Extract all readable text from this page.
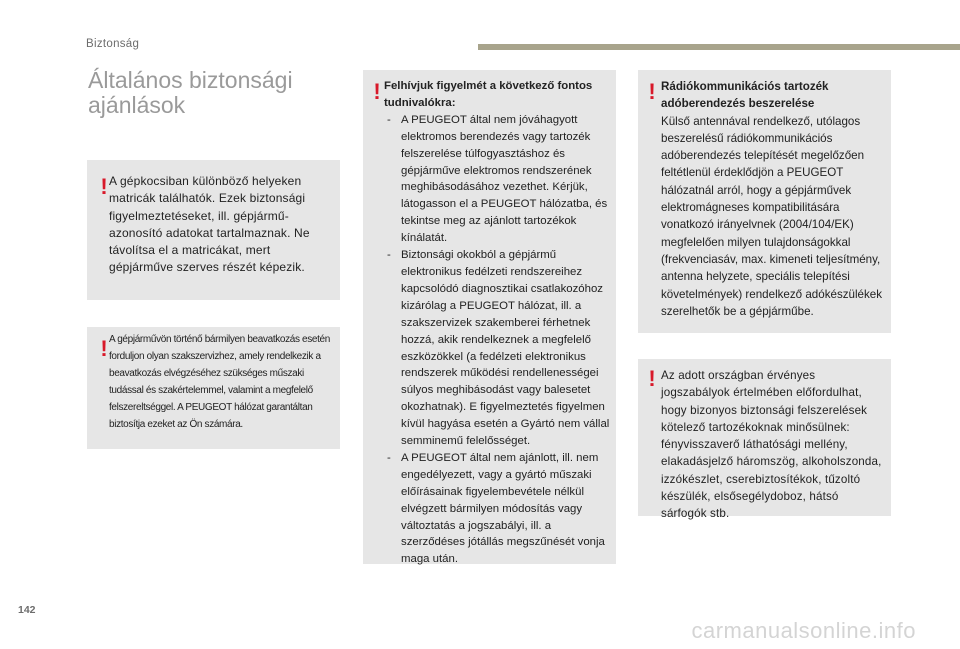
Biztonság
Általános biztonsági
ajánlások
! A gépkocsiban különböző helyeken matricák találhatók. Ezek biztonsági figyelmeztetéseket, ill. gépjármű-azonosító adatokat tartalmaznak. Ne távolítsa el a matricákat, mert gépjárműve szerves részét képezik.
! A gépjárművön történő bármilyen beavatkozás esetén forduljon olyan szakszervizhez, amely rendelkezik a beavatkozás elvégzéséhez szükséges műszaki tudással és szakértelemmel, valamint a megfelelő felszereltséggel. A PEUGEOT hálózat garantáltan biztosítja ezeket az Ön számára.
! Felhívjuk figyelmét a következő fontos tudnivalókra:
- A PEUGEOT által nem jóváhagyott elektromos berendezés vagy tartozék felszerelése túlfogyasztáshoz és gépjárműve elektromos rendszerének meghibásodásához vezethet. Kérjük, látogasson el a PEUGEOT hálózatba, és tekintse meg az ajánlott tartozékok kínálatát.
- Biztonsági okokból a gépjármű elektronikus fedélzeti rendszereihez kapcsolódó diagnosztikai csatlakozóhoz kizárólag a PEUGEOT hálózat, ill. a szakszervizek szakemberei férhetnek hozzá, akik rendelkeznek a megfelelő eszközökkel (a fedélzeti elektronikus rendszerek működési rendellenességei súlyos meghibásodást vagy balesetet okozhatnak). E figyelmeztetés figyelmen kívül hagyása esetén a Gyártó nem vállal semminemű felelősséget.
- A PEUGEOT által nem ajánlott, ill. nem engedélyezett, vagy a gyártó műszaki előírásainak figyelembevétele nélkül elvégzett bármilyen módosítás vagy változtatás a jogszabályi, ill. a szerződéses jótállás megszűnését vonja maga után.
! Rádiókommunikációs tartozék adóberendezés beszerelése
Külső antennával rendelkező, utólagos beszerelésű rádiókommunikációs adóberendezés telepítését megelőzően feltétlenül érdeklődjön a PEUGEOT hálózatnál arról, hogy a gépjárművek elektromágneses kompatibilitására vonatkozó irányelvnek (2004/104/EK) megfelelően milyen tulajdonságokkal (frekvenciasáv, max. kimeneti teljesítmény, antenna helyzete, speciális telepítési követelmények) rendelkező adókészülékek szerelhetők be a gépjárműbe.
! Az adott országban érvényes jogszabályok értelmében előfordulhat, hogy bizonyos biztonsági felszerelések kötelező tartozékoknak minősülnek: fényvisszaverő láthatósági mellény, elakadásjelző háromszög, alkoholszonda, izzókészlet, cserebiztosítékok, tűzoltó készülék, elsősegélydoboz, hátsó sárfogók stb.
142
carmanualsonline.info
